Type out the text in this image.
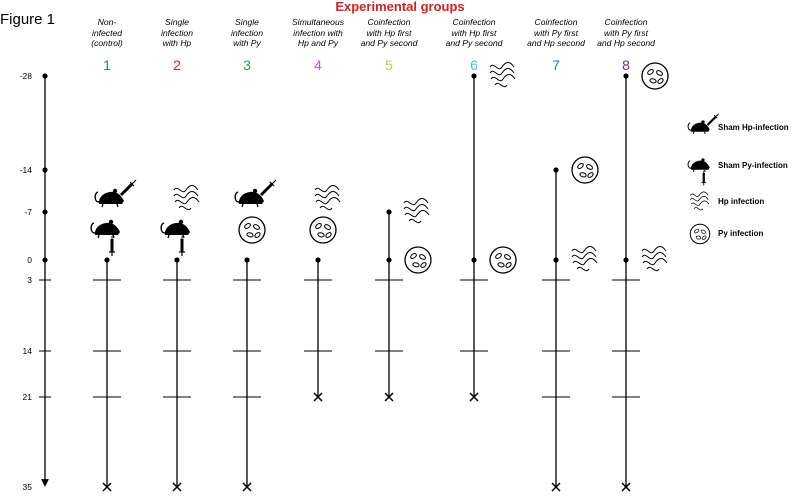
Figure 1
Experimental groups
-28
-14
-7
0
3
14
21
35
Non-
infected
(control)
1
Single
infection
with Hp
2
Single
infection
with Py
3
Simultaneous
infection with
Hp and Py
4
Coinfection
with Hp first
and Py second
5
Coinfection
with Hp first
and Py second
6
Coinfection
with Py first
and Hp second
7
Coinfection
with Py first
and Hp second
8
Sham Hp-infection
Sham Py-infection
Hp infection
Py infection
